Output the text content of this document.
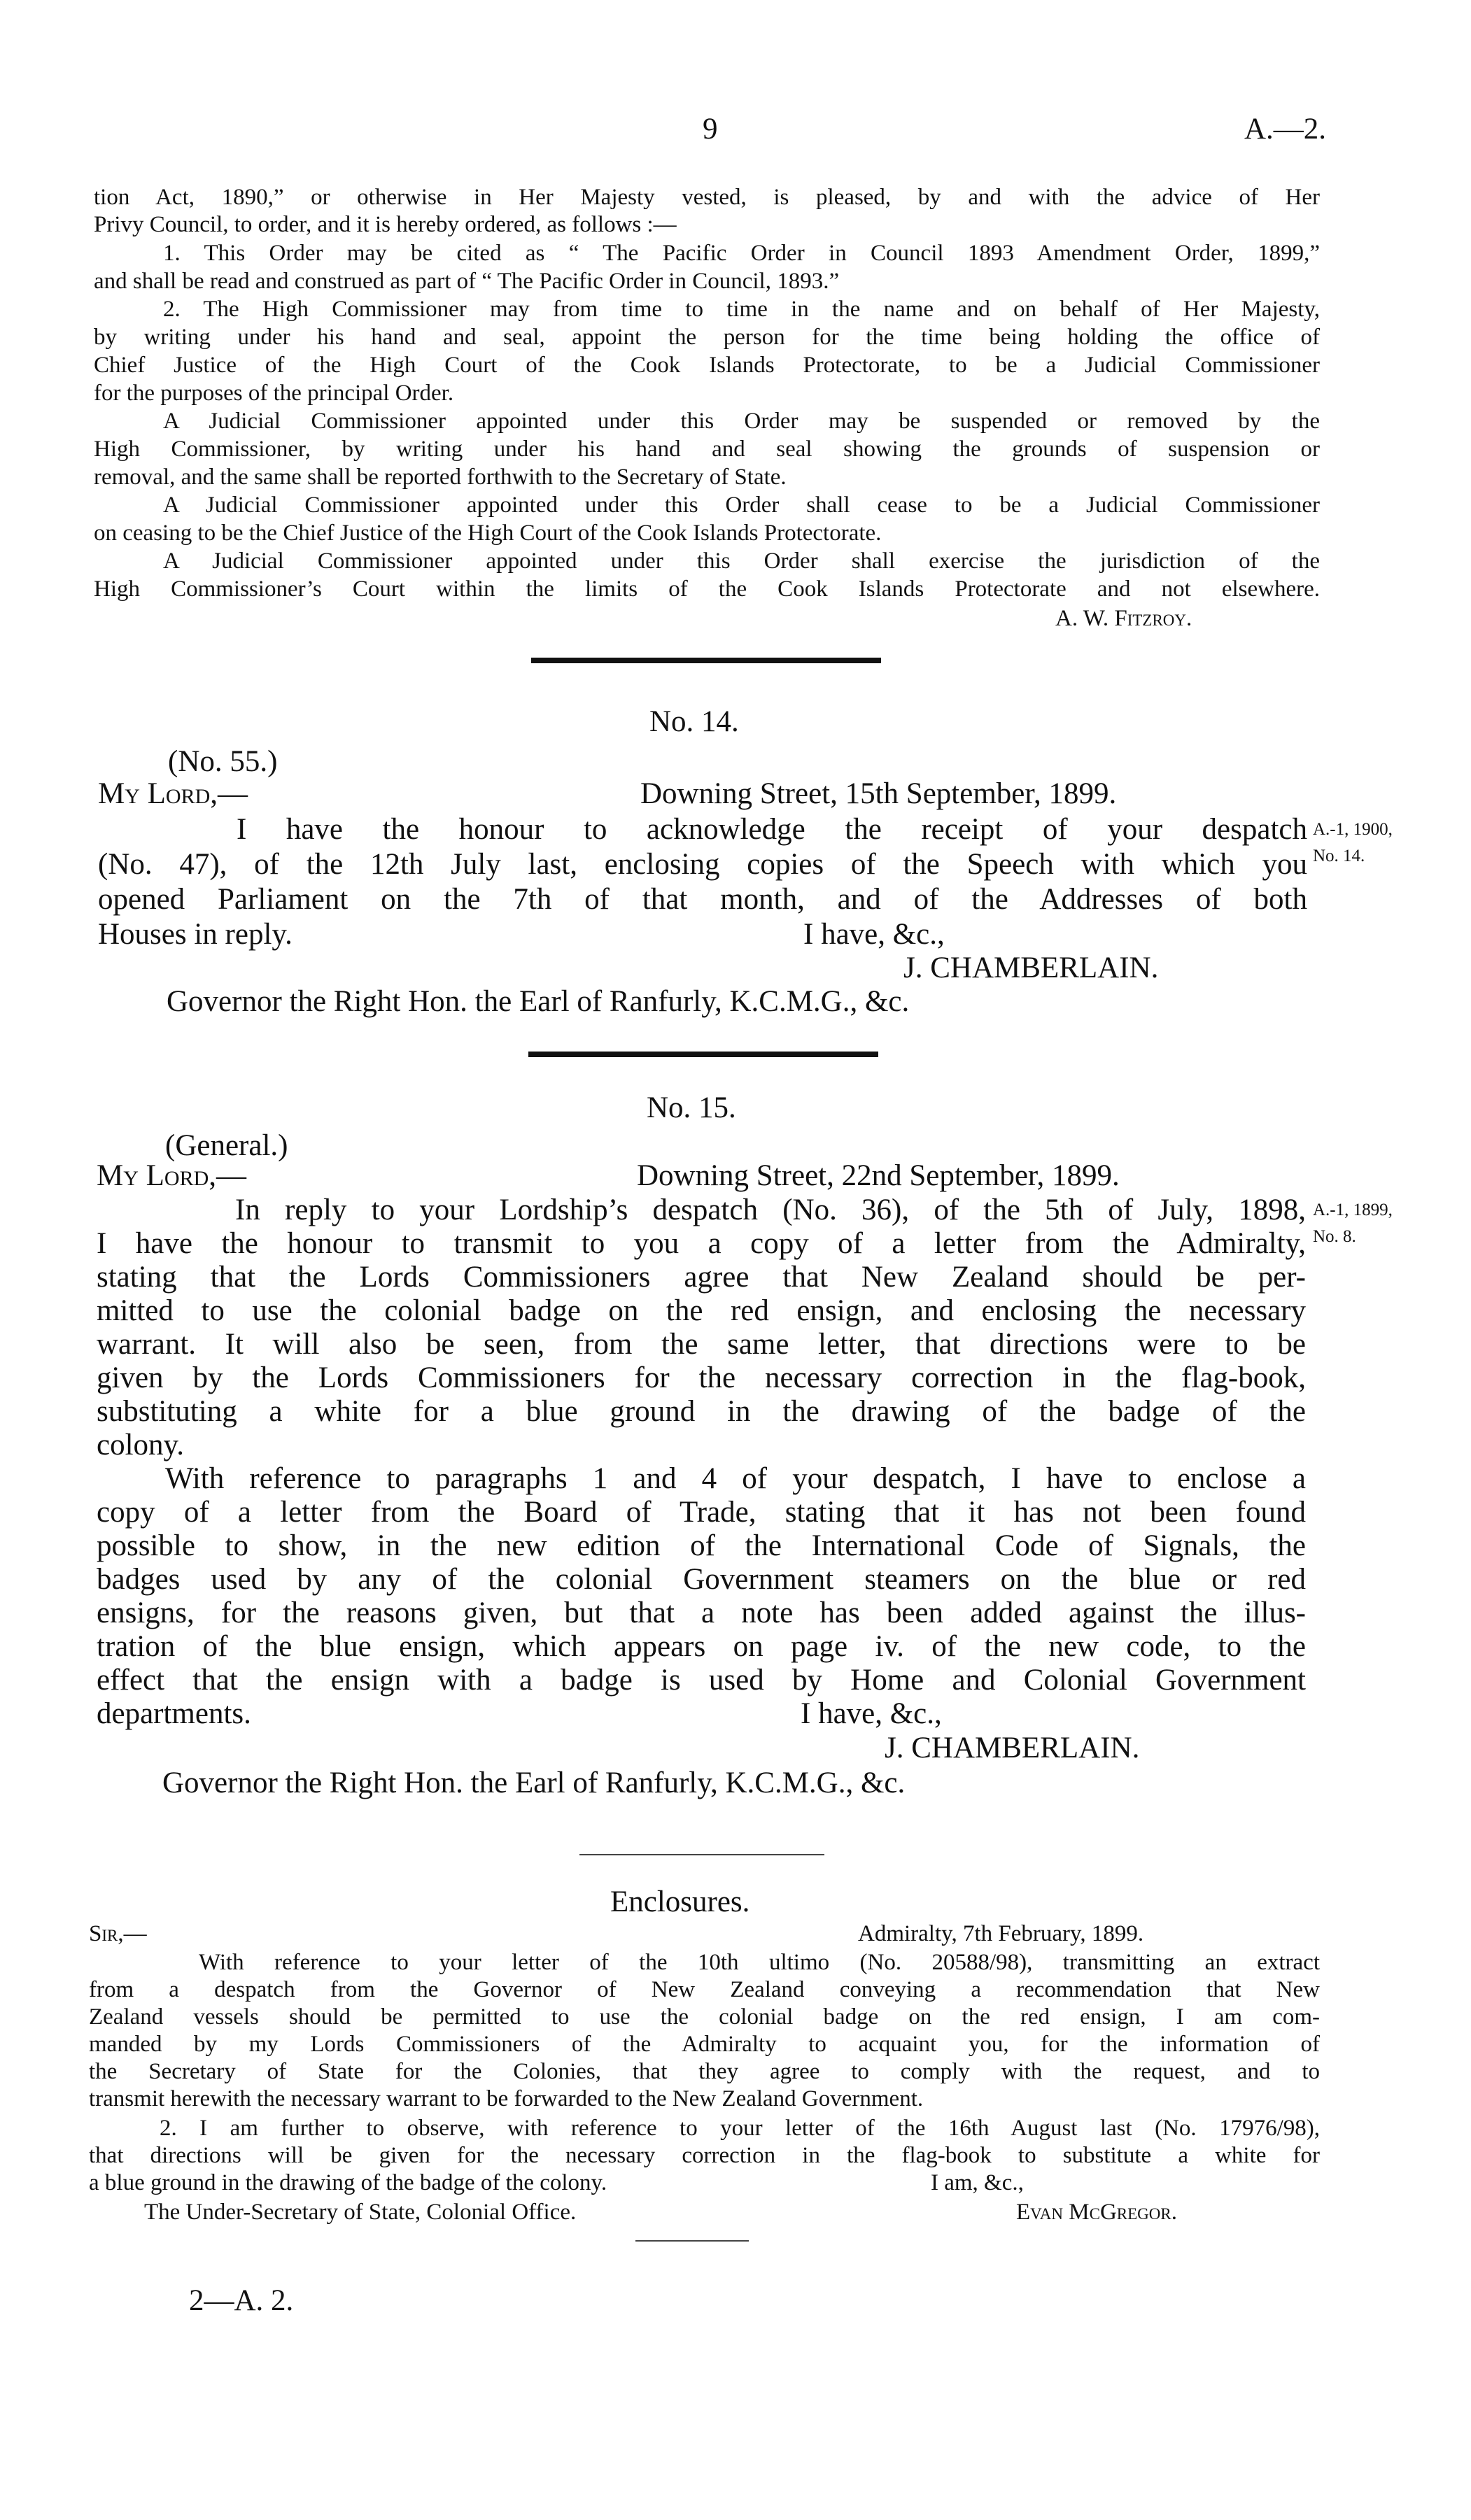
9	A.—2.
tion Act, 1890,” or otherwise in Her Majesty vested, is pleased, by and with the advice of Her
Privy Council, to order, and it is hereby ordered, as follows :—
1. This Order may be cited as “ The Pacific Order in Council 1893 Amendment Order, 1899,”
and shall be read and construed as part of “ The Pacific Order in Council, 1893.”
2. The High Commissioner may from time to time in the name and on behalf of Her Majesty,
by writing under his hand and seal, appoint the person for the time being holding the office of
Chief Justice of the High Court of the Cook Islands Protectorate, to be a Judicial Commissioner
for the purposes of the principal Order.
A Judicial Commissioner appointed under this Order may be suspended or removed by the
High Commissioner, by writing under his hand and seal showing the grounds of suspension or
removal, and the same shall be reported forthwith to the Secretary of State.
A Judicial Commissioner appointed under this Order shall cease to be a Judicial Commissioner
on ceasing to be the Chief Justice of the High Court of the Cook Islands Protectorate.
A Judicial Commissioner appointed under this Order shall exercise the jurisdiction of the
High Commissioner’s Court within the limits of the Cook Islands Protectorate and not elsewhere.
A. W. Fitzroy.
No. 14.
(No. 55.)
My Lord,—	Downing Street, 15th September, 1899.
I have the honour to acknowledge the receipt of your despatch
(No. 47), of the 12th July last, enclosing copies of the Speech with which you
opened Parliament on the 7th of that month, and of the Addresses of both
Houses in reply.	I have, &c.,
J. CHAMBERLAIN.
Governor the Right Hon. the Earl of Ranfurly, K.C.M.G., &c.
A.-1, 1900,
No. 14.
No. 15.
(General.)
My Lord,—	Downing Street, 22nd September, 1899.
In reply to your Lordship’s despatch (No. 36), of the 5th of July, 1898,
I have the honour to transmit to you a copy of a letter from the Admiralty,
stating that the Lords Commissioners agree that New Zealand should be per-
mitted to use the colonial badge on the red ensign, and enclosing the necessary
warrant. It will also be seen, from the same letter, that directions were to be
given by the Lords Commissioners for the necessary correction in the flag-book,
substituting a white for a blue ground in the drawing of the badge of the
colony.
With reference to paragraphs 1 and 4 of your despatch, I have to enclose a
copy of a letter from the Board of Trade, stating that it has not been found
possible to show, in the new edition of the International Code of Signals, the
badges used by any of the colonial Government steamers on the blue or red
ensigns, for the reasons given, but that a note has been added against the illus-
tration of the blue ensign, which appears on page iv. of the new code, to the
effect that the ensign with a badge is used by Home and Colonial Government
departments.	I have, &c.,
J. CHAMBERLAIN.
Governor the Right Hon. the Earl of Ranfurly, K.C.M.G., &c.
A.-1, 1899,
No. 8.
Enclosures.
Sir,—	Admiralty, 7th February, 1899.
With reference to your letter of the 10th ultimo (No. 20588/98), transmitting an extract
from a despatch from the Governor of New Zealand conveying a recommendation that New
Zealand vessels should be permitted to use the colonial badge on the red ensign, I am com-
manded by my Lords Commissioners of the Admiralty to acquaint you, for the information of
the Secretary of State for the Colonies, that they agree to comply with the request, and to
transmit herewith the necessary warrant to be forwarded to the New Zealand Government.
2. I am further to observe, with reference to your letter of the 16th August last (No. 17976/98),
that directions will be given for the necessary correction in the flag-book to substitute a white for
a blue ground in the drawing of the badge of the colony.	I am, &c.,
The Under-Secretary of State, Colonial Office.	Evan McGregor.
2—A. 2.
